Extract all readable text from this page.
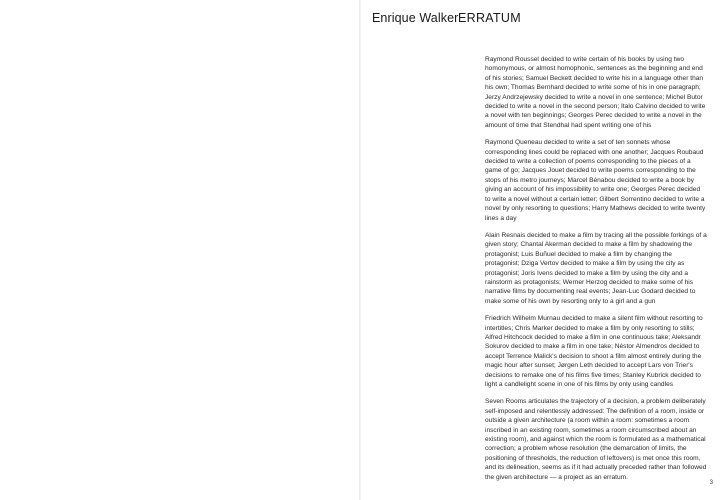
Enrique Walker ERRATUM

Raymond Roussel decided to write certain of his books by using two homonymous, or almost homophonic, sentences as the beginning and end of his stories; Samuel Beckett decided to write his in a language other than his own; Thomas Bernhard decided to write some of his in one paragraph; Jerzy Andrzejewsky decided to write a novel in one sentence; Michel Butor decided to write a novel in the second person; Italo Calvino decided to write a novel with ten beginnings; Georges Perec decided to write a novel in the amount of time that Stendhal had spent writing one of his

Raymond Queneau decided to write a set of ten sonnets whose corresponding lines could be replaced with one another; Jacques Roubaud decided to write a collection of poems corresponding to the pieces of a game of go; Jacques Jouet decided to write poems corresponding to the stops of his metro journeys; Marcel Bénabou decided to write a book by giving an account of his impossibility to write one; Georges Perec decided to write a novel without a certain letter; Gilbert Sorrentino decided to write a novel by only resorting to questions; Harry Mathews decided to write twenty lines a day

Alain Resnais decided to make a film by tracing all the possible forkings of a given story; Chantal Akerman decided to make a film by shadowing the protagonist; Luis Buñuel decided to make a film by changing the protagonist; Dziga Vertov decided to make a film by using the city as protagonist; Joris Ivens decided to make a film by using the city and a rainstorm as protagonists; Werner Herzog decided to make some of his narrative films by documenting real events; Jean-Luc Godard decided to make some of his own by resorting only to a girl and a gun

Friedrich Wilhelm Murnau decided to make a silent film without resorting to intertitles; Chris Marker decided to make a film by only resorting to stills; Alfred Hitchcock decided to make a film in one continuous take; Aleksandr Sokurov decided to make a film in one take; Néstor Almendros decided to accept Terrence Malick's decision to shoot a film almost entirely during the magic hour after sunset; Jørgen Leth decided to accept Lars von Trier's decisions to remake one of his films five times; Stanley Kubrick decided to light a candlelight scene in one of his films by only using candles

Seven Rooms articulates the trajectory of a decision, a problem deliberately self-imposed and relentlessly addressed: The definition of a room, inside or outside a given architecture (a room within a room: sometimes a room inscribed in an existing room, sometimes a room circumscribed about an existing room), and against which the room is formulated as a mathematical correction; a problem whose resolution (the demarcation of limits, the positioning of thresholds, the reduction of leftovers) is met once this room, and its delineation, seems as if it had actually preceded rather than followed the given architecture — a project as an erratum.

3
